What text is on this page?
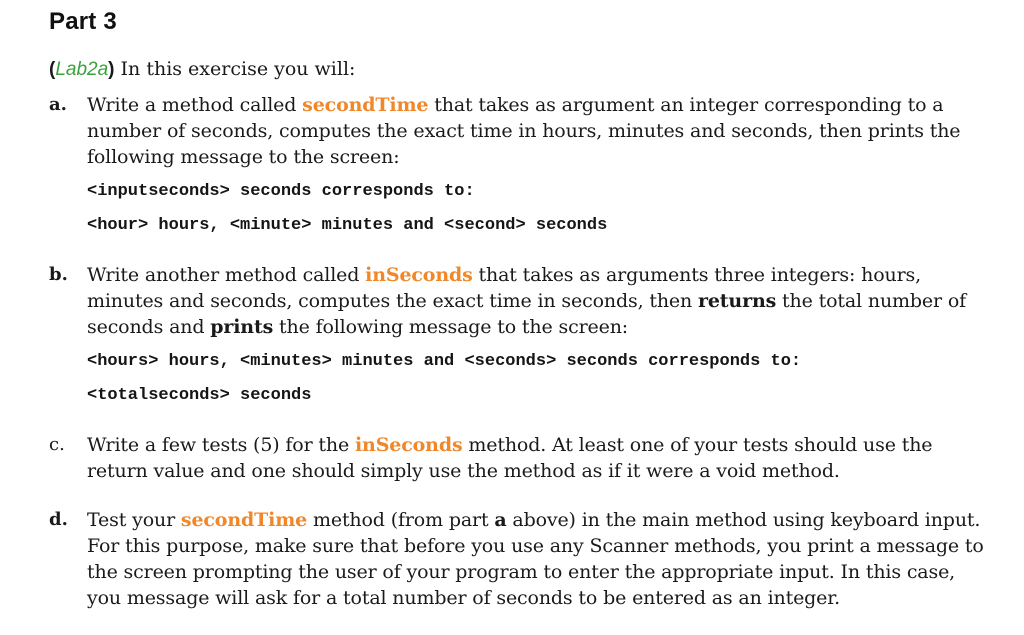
Part 3
(Lab2a) In this exercise you will:
a.	Write a method called secondTime that takes as argument an integer corresponding to a number of seconds, computes the exact time in hours, minutes and seconds, then prints the following message to the screen:
<inputseconds> seconds corresponds to:
<hour> hours, <minute> minutes and <second> seconds
b.	Write another method called inSeconds that takes as arguments three integers: hours, minutes and seconds, computes the exact time in seconds, then returns the total number of seconds and prints the following message to the screen:
<hours> hours, <minutes> minutes and <seconds> seconds corresponds to:
<totalseconds> seconds
c.	Write a few tests (5) for the inSeconds method. At least one of your tests should use the return value and one should simply use the method as if it were a void method.
d.	Test your secondTime method (from part a above) in the main method using keyboard input. For this purpose, make sure that before you use any Scanner methods, you print a message to the screen prompting the user of your program to enter the appropriate input. In this case, you message will ask for a total number of seconds to be entered as an integer.
